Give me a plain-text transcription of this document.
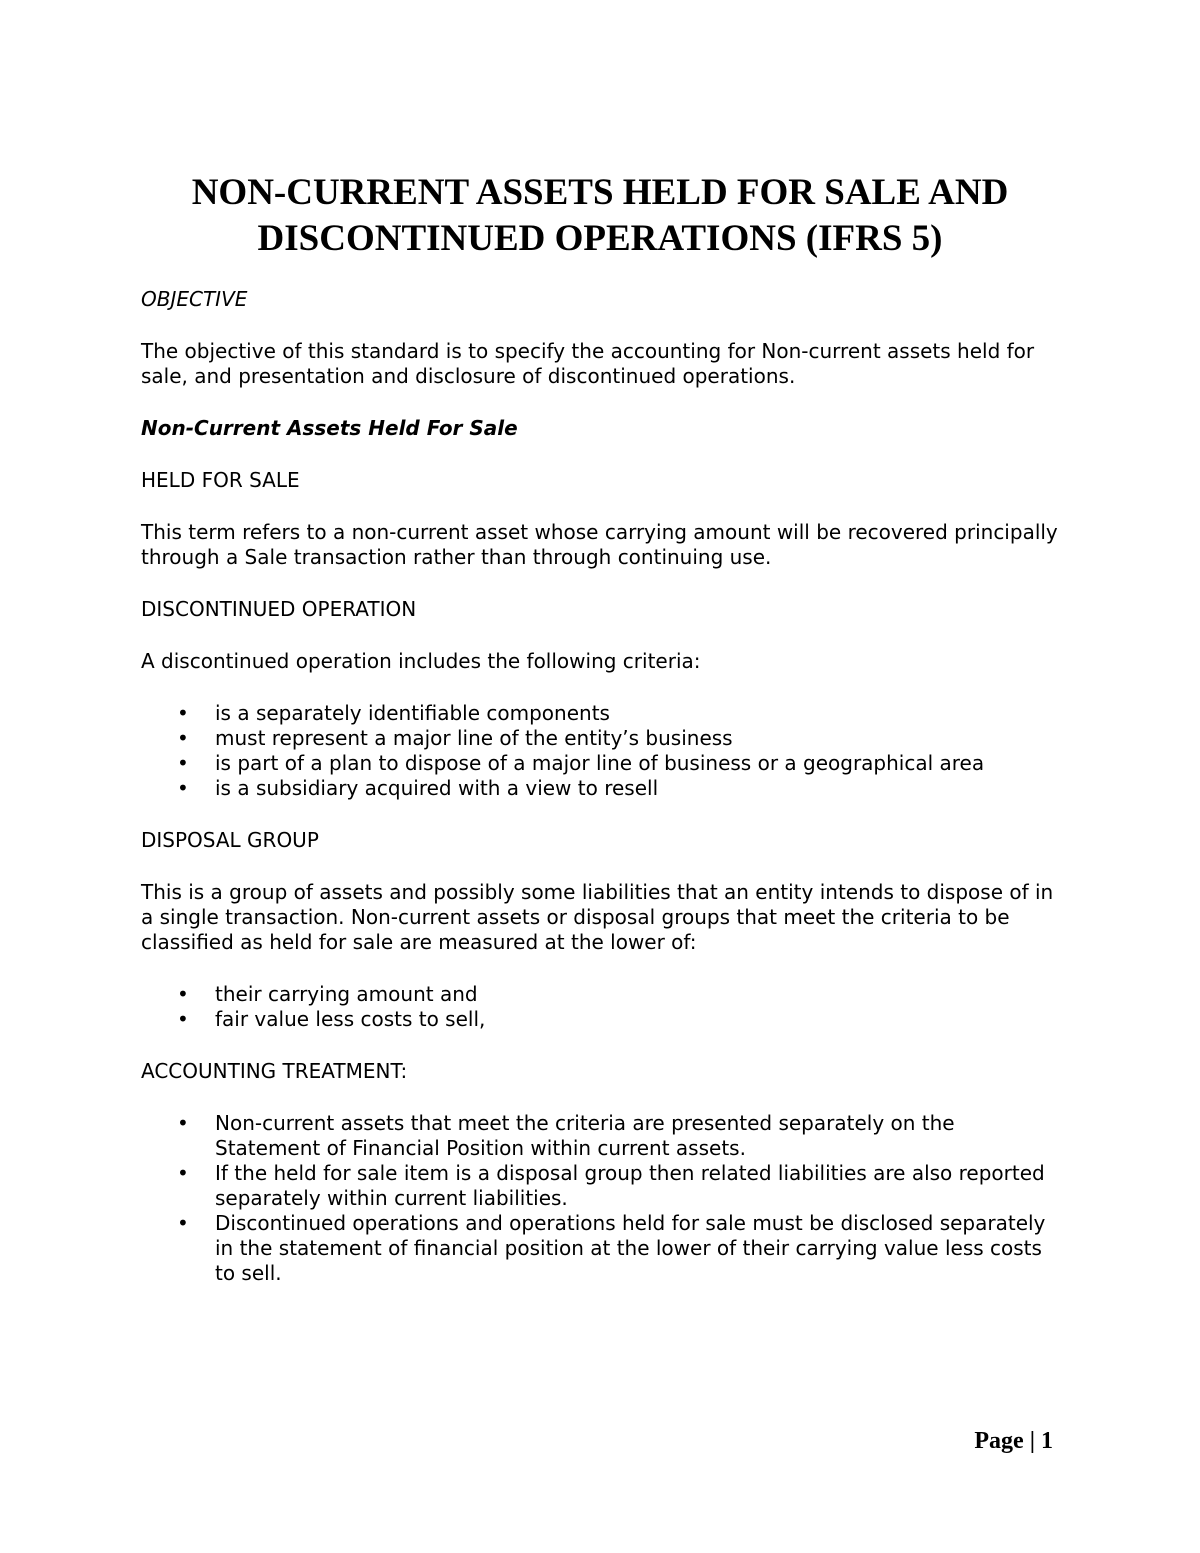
NON-CURRENT ASSETS HELD FOR SALE AND
DISCONTINUED OPERATIONS (IFRS 5)
OBJECTIVE

The objective of this standard is to specify the accounting for Non-current assets held for sale, and presentation and disclosure of discontinued operations.

Non-Current Assets Held For Sale
HELD FOR SALE

This term refers to a non-current asset whose carrying amount will be recovered principally through a Sale transaction rather than through continuing use.

DISCONTINUED OPERATION

A discontinued operation includes the following criteria:

• is a separately identifiable components
• must represent a major line of the entity’s business
• is part of a plan to dispose of a major line of business or a geographical area
• is a subsidiary acquired with a view to resell
DISPOSAL GROUP

This is a group of assets and possibly some liabilities that an entity intends to dispose of in a single transaction. Non-current assets or disposal groups that meet the criteria to be classified as held for sale are measured at the lower of:

• their carrying amount and
• fair value less costs to sell,
ACCOUNTING TREATMENT:
• Non-current assets that meet the criteria are presented separately on the Statement of Financial Position within current assets.
• If the held for sale item is a disposal group then related liabilities are also reported separately within current liabilities.
• Discontinued operations and operations held for sale must be disclosed separately in the statement of financial position at the lower of their carrying value less costs to sell.
Page | 1
